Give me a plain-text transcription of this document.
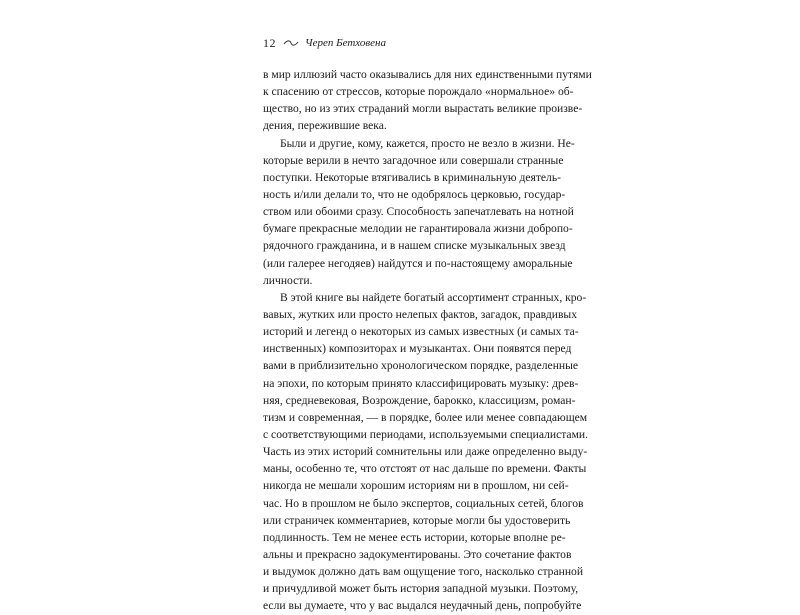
12	Череп Бетховена
в мир иллюзий часто оказывались для них единственными путями
к спасению от стрессов, которые порождало «нормальное» об-
щество, но из этих страданий могли вырастать великие произве-
дения, пережившие века.
Были и другие, кому, кажется, просто не везло в жизни. Не-
которые верили в нечто загадочное или совершали странные
поступки. Некоторые втягивались в криминальную деятель-
ность и/или делали то, что не одобрялось церковью, государ-
ством или обоими сразу. Способность запечатлевать на нотной
бумаге прекрасные мелодии не гарантировала жизни добропо-
рядочного гражданина, и в нашем списке музыкальных звезд
(или галерее негодяев) найдутся и по-настоящему аморальные
личности.
В этой книге вы найдете богатый ассортимент странных, кро-
вавых, жутких или просто нелепых фактов, загадок, правдивых
историй и легенд о некоторых из самых известных (и самых та-
инственных) композиторах и музыкантах. Они появятся перед
вами в приблизительно хронологическом порядке, разделенные
на эпохи, по которым принято классифицировать музыку: древ-
няя, средневековая, Возрождение, барокко, классицизм, роман-
тизм и современная, — в порядке, более или менее совпадающем
с соответствующими периодами, используемыми специалистами.
Часть из этих историй сомнительны или даже определенно выду-
маны, особенно те, что отстоят от нас дальше по времени. Факты
никогда не мешали хорошим историям ни в прошлом, ни сей-
час. Но в прошлом не было экспертов, социальных сетей, блогов
или страничек комментариев, которые могли бы удостоверить
подлинность. Тем не менее есть истории, которые вполне ре-
альны и прекрасно задокументированы. Это сочетание фактов
и выдумок должно дать вам ощущение того, насколько странной
и причудливой может быть история западной музыки. Поэтому,
если вы думаете, что у вас выдался неудачный день, попробуйте
